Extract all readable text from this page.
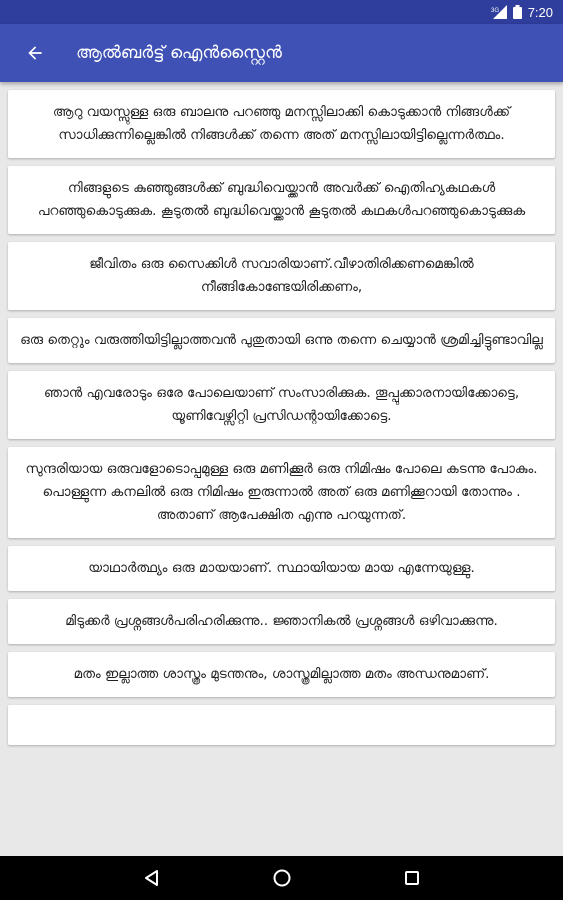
3G 7:20
ആൽബർട്ട് ഐൻസ്റ്റൈൻ
ആറു വയസ്സുള്ള ഒരു ബാലനു പറഞ്ഞു മനസ്സിലാക്കി കൊടുക്കാൻ നിങ്ങൾക്ക് സാധിക്കുന്നില്ലെങ്കിൽ നിങ്ങൾക്ക് തന്നെ അത് മനസ്സിലായിട്ടില്ലെന്നർത്ഥം.
നിങ്ങളുടെ കുഞ്ഞുങ്ങൾക്ക് ബുദ്ധിവെയ്ക്കാൻ അവർക്ക് ഐതിഹ്യകഥകൾ പറഞ്ഞുകൊടുക്കുക. കൂടുതൽ ബുദ്ധിവെയ്ക്കാൻ കൂടുതൽ കഥകൾപറഞ്ഞുകൊടുക്കുക
ജീവിതം ഒരു സൈക്കിൾ സവാരിയാണ്.വീഴാതിരിക്കണമെങ്കിൽ നീങ്ങികോണ്ടേയിരിക്കണം,
ഒരു തെറ്റും വരുത്തിയിട്ടില്ലാത്തവൻ പുതുതായി ഒന്നു തന്നെ ചെയ്യാൻ ശ്രമിച്ചിട്ടുണ്ടാവില്ല
ഞാൻ എവരോടും ഒരേ പോലെയാണ് സംസാരിക്കുക. തൂപ്പുക്കാരനായിക്കോട്ടെ, യൂണിവേഴ്സിറ്റി പ്രസിഡന്റായിക്കോട്ടെ.
സുന്ദരിയായ ഒരുവളോടൊപ്പമുള്ള ഒരു മണിക്കൂർ ഒരു നിമിഷം പോലെ കടന്നു പോകും. പൊള്ളുന്ന കനലിൽ ഒരു നിമിഷം ഇരുന്നാൽ അത് ഒരു മണിക്കൂറായി തോന്നും . അതാണ് ആപേക്ഷിത എന്നു പറയുന്നത്.
യാഥാർത്ഥ്യം ഒരു മായയാണ്. സ്ഥായിയായ മായ എന്നേയുള്ളു.
മിടുക്കർ പ്രശ്നങ്ങൾപരിഹരിക്കുന്നു.. ജ്ഞാനികൽ പ്രശ്നങ്ങൾ ഒഴിവാക്കുന്നു.
മതം ഇല്ലാത്ത ശാസ്ത്രം മുടന്തനും, ശാസ്ത്രമില്ലാത്ത മതം അന്ധനുമാണ്.
